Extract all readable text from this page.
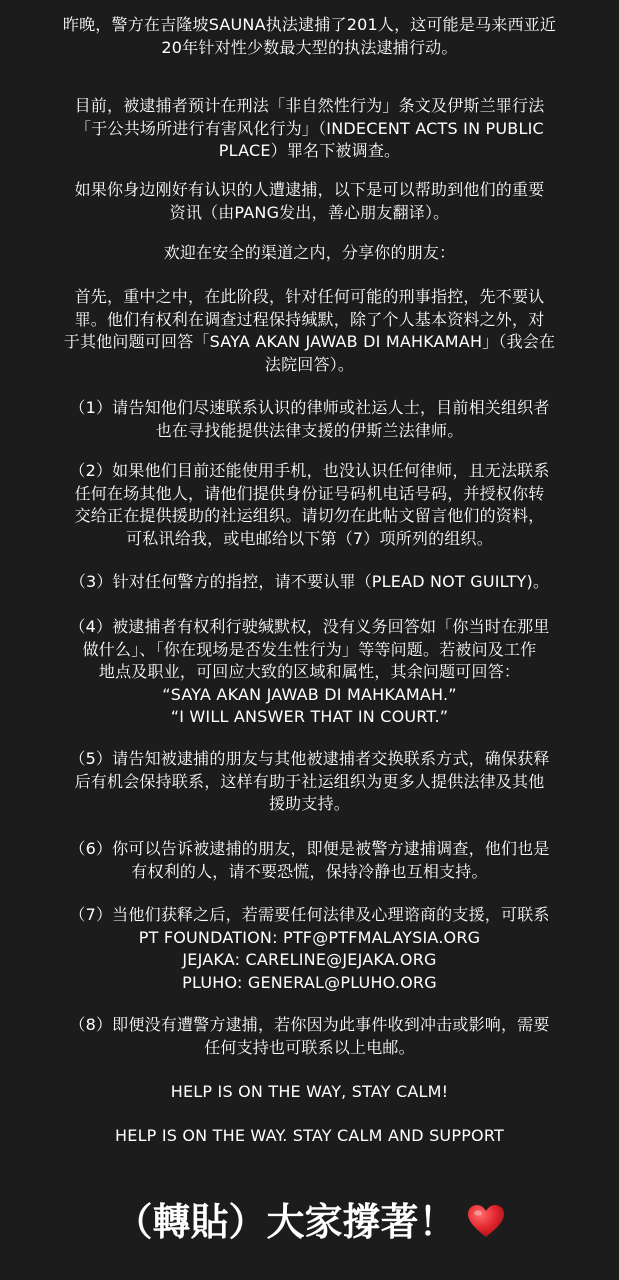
昨晚，警方在吉隆坡SAUNA执法逮捕了201人，这可能是马来西亚近
20年针对性少数最大型的执法逮捕行动。
目前，被逮捕者预计在刑法「非自然性行为」条文及伊斯兰罪行法
「于公共场所进行有害风化行为」（INDECENT ACTS IN PUBLIC
PLACE）罪名下被调查。
如果你身边刚好有认识的人遭逮捕，以下是可以帮助到他们的重要
资讯（由PANG发出，善心朋友翻译）。
欢迎在安全的渠道之内，分享你的朋友：
首先，重中之中，在此阶段，针对任何可能的刑事指控，先不要认
罪。他们有权利在调查过程保持缄默，除了个人基本资料之外，对
于其他问题可回答「SAYA AKAN JAWAB DI MAHKAMAH」（我会在
法院回答）。
（1）请告知他们尽速联系认识的律师或社运人士，目前相关组织者
也在寻找能提供法律支援的伊斯兰法律师。
（2）如果他们目前还能使用手机，也没认识任何律师，且无法联系
任何在场其他人，请他们提供身份证号码机电话号码，并授权你转
交给正在提供援助的社运组织。请切勿在此帖文留言他们的资料，
可私讯给我，或电邮给以下第（7）项所列的组织。
（3）针对任何警方的指控，请不要认罪（PLEAD NOT GUILTY)。
（4）被逮捕者有权利行驶缄默权，没有义务回答如「你当时在那里
做什么」、「你在现场是否发生性行为」等等问题。若被问及工作
地点及职业，可回应大致的区域和属性，其余问题可回答：
“SAYA AKAN JAWAB DI MAHKAMAH.”
“I WILL ANSWER THAT IN COURT.”
（5）请告知被逮捕的朋友与其他被逮捕者交换联系方式，确保获释
后有机会保持联系，这样有助于社运组织为更多人提供法律及其他
援助支持。
（6）你可以告诉被逮捕的朋友，即便是被警方逮捕调查，他们也是
有权利的人，请不要恐慌，保持冷静也互相支持。
（7）当他们获释之后，若需要任何法律及心理谘商的支援，可联系
PT FOUNDATION: PTF@PTFMALAYSIA.ORG
JEJAKA: CARELINE@JEJAKA.ORG
PLUHO: GENERAL@PLUHO.ORG
（8）即便没有遭警方逮捕，若你因为此事件收到冲击或影响，需要
任何支持也可联系以上电邮。
HELP IS ON THE WAY, STAY CALM!
HELP IS ON THE WAY. STAY CALM AND SUPPORT
（轉貼）大家撐著！
